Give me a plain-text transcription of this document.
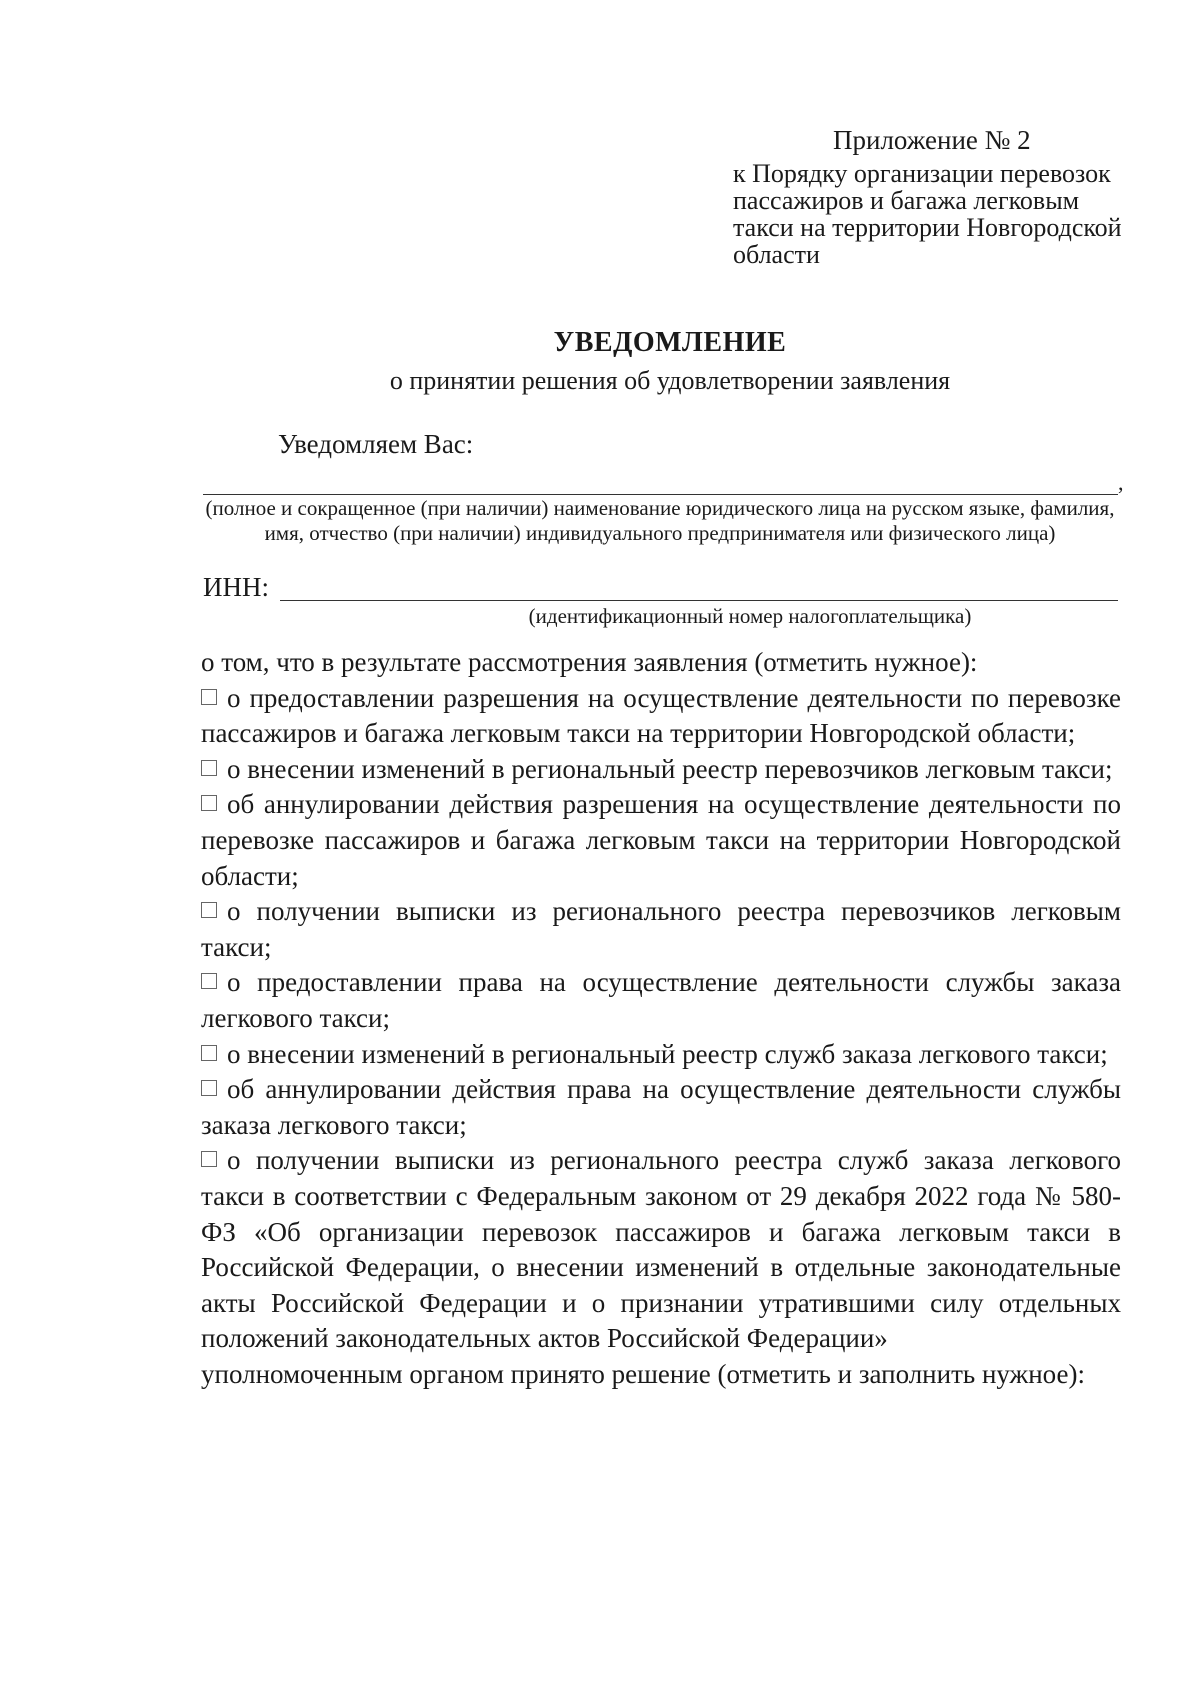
Приложение № 2
к Порядку организации перевозок пассажиров и багажа легковым такси на территории Новгородской области
УВЕДОМЛЕНИЕ
о принятии решения об удовлетворении заявления
Уведомляем Вас:
,
(полное и сокращенное (при наличии) наименование юридического лица на русском языке, фамилия, имя, отчество (при наличии) индивидуального предпринимателя или физического лица)
ИНН:
(идентификационный номер налогоплательщика)

о том, что в результате рассмотрения заявления (отметить нужное):

о предоставлении разрешения на осуществление деятельности по перевозке пассажиров и багажа легковым такси на территории Новгородской области;

о внесении изменений в региональный реестр перевозчиков легковым такси;

об аннулировании действия разрешения на осуществление деятельности по перевозке пассажиров и багажа легковым такси на территории Новгородской области;

о получении выписки из регионального реестра перевозчиков легковым такси;

о предоставлении права на осуществление деятельности службы заказа легкового такси;

о внесении изменений в региональный реестр служб заказа легкового такси;

об аннулировании действия права на осуществление деятельности службы заказа легкового такси;

о получении выписки из регионального реестра служб заказа легкового такси в соответствии с Федеральным законом от 29 декабря 2022 года № 580-ФЗ «Об организации перевозок пассажиров и багажа легковым такси в Российской Федерации, о внесении изменений в отдельные законодательные акты Российской Федерации и о признании утратившими силу отдельных положений законодательных актов Российской Федерации»

уполномоченным органом принято решение (отметить и заполнить нужное):
